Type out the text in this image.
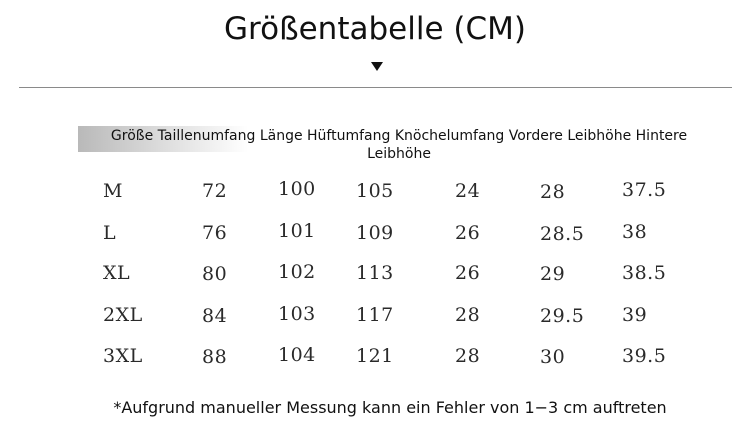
Größentabelle (CM)
Größe Taillenumfang Länge Hüftumfang Knöchelumfang Vordere Leibhöhe Hintere Leibhöhe
M	72	100 105	24	28	37.5
L	76	101 109	26	28.5 38
XL	80	102 113	26	29	38.5
2XL	84	103 117	28	29.5 39
3XL	88	104 121	28	30	39.5
*Aufgrund manueller Messung kann ein Fehler von 1−3 cm auftreten
